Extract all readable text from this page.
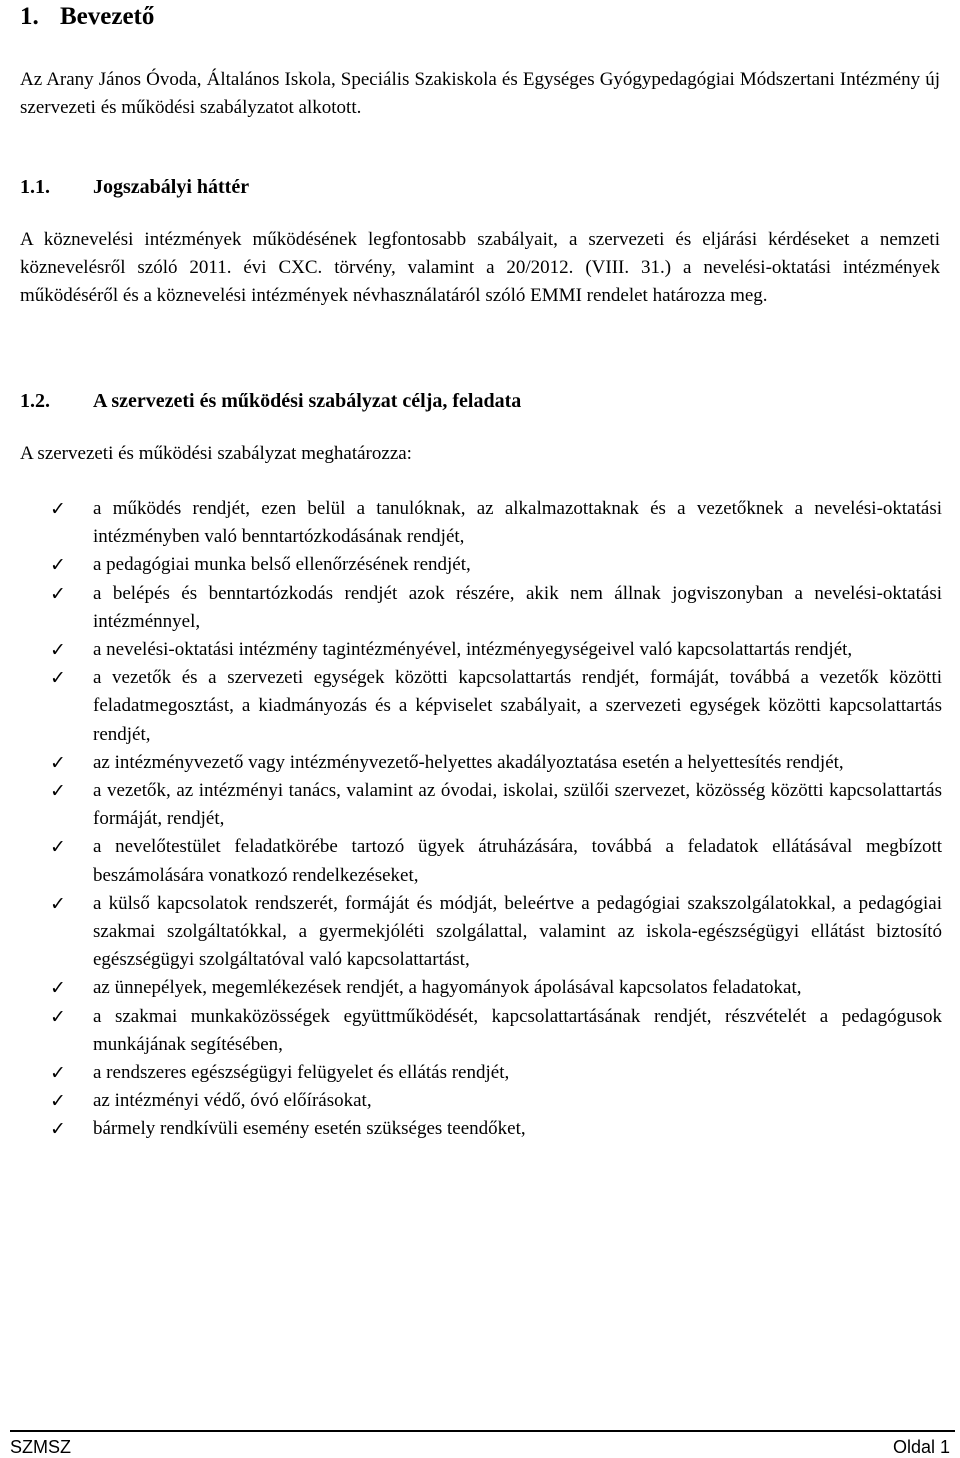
1. Bevezető

Az Arany János Óvoda, Általános Iskola, Speciális Szakiskola és Egységes Gyógypedagógiai Módszertani Intézmény új szervezeti és működési szabályzatot alkotott.

1.1. Jogszabályi háttér

A köznevelési intézmények működésének legfontosabb szabályait, a szervezeti és eljárási kérdéseket a nemzeti köznevelésről szóló 2011. évi CXC. törvény, valamint a 20/2012. (VIII. 31.) a nevelési-oktatási intézmények működéséről és a köznevelési intézmények névhasználatáról szóló EMMI rendelet határozza meg.

1.2. A szervezeti és működési szabályzat célja, feladata

A szervezeti és működési szabályzat meghatározza:

✓ a működés rendjét, ezen belül a tanulóknak, az alkalmazottaknak és a vezetőknek a nevelési-oktatási intézményben való benntartózkodásának rendjét,
✓ a pedagógiai munka belső ellenőrzésének rendjét,
✓ a belépés és benntartózkodás rendjét azok részére, akik nem állnak jogviszonyban a nevelési-oktatási intézménnyel,
✓ a nevelési-oktatási intézmény tagintézményével, intézményegységeivel való kapcsolattartás rendjét,
✓ a vezetők és a szervezeti egységek közötti kapcsolattartás rendjét, formáját, továbbá a vezetők közötti feladatmegosztást, a kiadmányozás és a képviselet szabályait, a szervezeti egységek közötti kapcsolattartás rendjét,
✓ az intézményvezető vagy intézményvezető-helyettes akadályoztatása esetén a helyettesítés rendjét,
✓ a vezetők, az intézményi tanács, valamint az óvodai, iskolai, szülői szervezet, közösség közötti kapcsolattartás formáját, rendjét,
✓ a nevelőtestület feladatkörébe tartozó ügyek átruházására, továbbá a feladatok ellátásával megbízott beszámolására vonatkozó rendelkezéseket,
✓ a külső kapcsolatok rendszerét, formáját és módját, beleértve a pedagógiai szakszolgálatokkal, a pedagógiai szakmai szolgáltatókkal, a gyermekjóléti szolgálattal, valamint az iskola-egészségügyi ellátást biztosító egészségügyi szolgáltatóval való kapcsolattartást,
✓ az ünnepélyek, megemlékezések rendjét, a hagyományok ápolásával kapcsolatos feladatokat,
✓ a szakmai munkaközösségek együttműködését, kapcsolattartásának rendjét, részvételét a pedagógusok munkájának segítésében,
✓ a rendszeres egészségügyi felügyelet és ellátás rendjét,
✓ az intézményi védő, óvó előírásokat,
✓ bármely rendkívüli esemény esetén szükséges teendőket,
SZMSZ	Oldal 1
